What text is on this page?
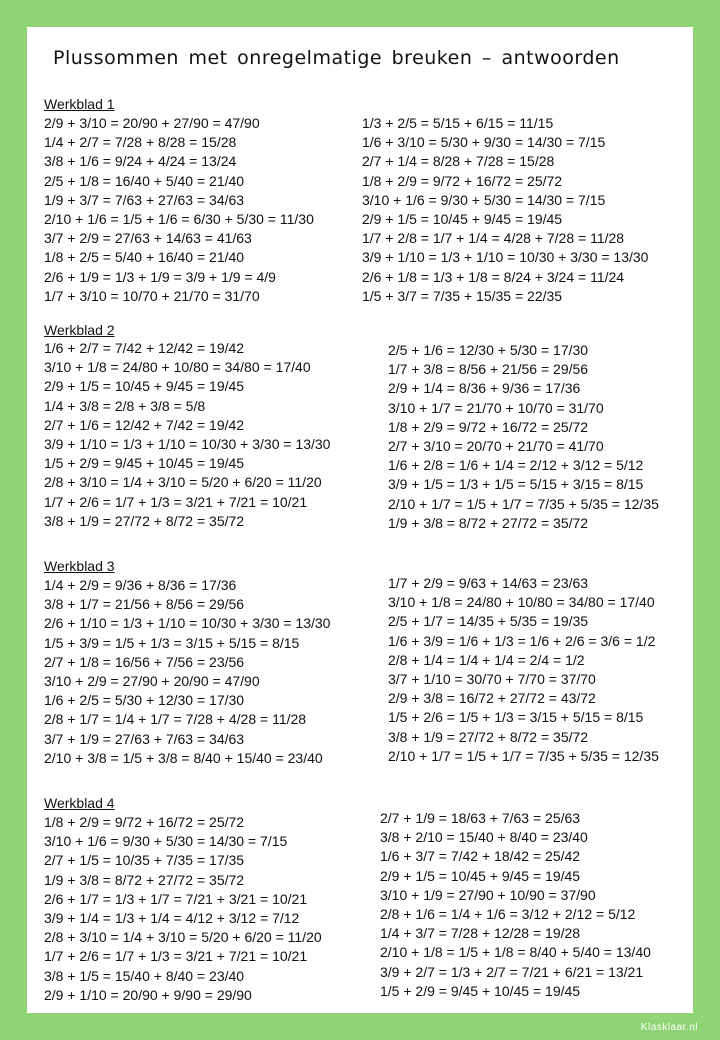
Plussommen met onregelmatige breuken – antwoorden
Werkblad 1
2/9 + 3/10 = 20/90 + 27/90 = 47/90
1/4 + 2/7 = 7/28 + 8/28 = 15/28
3/8 + 1/6 = 9/24 + 4/24 = 13/24
2/5 + 1/8 = 16/40 + 5/40 = 21/40
1/9 + 3/7 = 7/63 + 27/63 = 34/63
2/10 + 1/6 = 1/5 + 1/6 = 6/30 + 5/30 = 11/30
3/7 + 2/9 = 27/63 + 14/63 = 41/63
1/8 + 2/5 = 5/40 + 16/40 = 21/40
2/6 + 1/9 = 1/3 + 1/9 = 3/9 + 1/9 = 4/9
1/7 + 3/10 = 10/70 + 21/70 = 31/70
1/3 + 2/5 = 5/15 + 6/15 = 11/15
1/6 + 3/10 = 5/30 + 9/30 = 14/30 = 7/15
2/7 + 1/4 = 8/28 + 7/28 = 15/28
1/8 + 2/9 = 9/72 + 16/72 = 25/72
3/10 + 1/6 = 9/30 + 5/30 = 14/30 = 7/15
2/9 + 1/5 = 10/45 + 9/45 = 19/45
1/7 + 2/8 = 1/7 + 1/4 = 4/28 + 7/28 = 11/28
3/9 + 1/10 = 1/3 + 1/10 = 10/30 + 3/30 = 13/30
2/6 + 1/8 = 1/3 + 1/8 = 8/24 + 3/24 = 11/24
1/5 + 3/7 = 7/35 + 15/35 = 22/35
Werkblad 2
1/6 + 2/7 = 7/42 + 12/42 = 19/42
3/10 + 1/8 = 24/80 + 10/80 = 34/80 = 17/40
2/9 + 1/5 = 10/45 + 9/45 = 19/45
1/4 + 3/8 = 2/8 + 3/8 = 5/8
2/7 + 1/6 = 12/42 + 7/42 = 19/42
3/9 + 1/10 = 1/3 + 1/10 = 10/30 + 3/30 = 13/30
1/5 + 2/9 = 9/45 + 10/45 = 19/45
2/8 + 3/10 = 1/4 + 3/10 = 5/20 + 6/20 = 11/20
1/7 + 2/6 = 1/7 + 1/3 = 3/21 + 7/21 = 10/21
3/8 + 1/9 = 27/72 + 8/72 = 35/72
2/5 + 1/6 = 12/30 + 5/30 = 17/30
1/7 + 3/8 = 8/56 + 21/56 = 29/56
2/9 + 1/4 = 8/36 + 9/36 = 17/36
3/10 + 1/7 = 21/70 + 10/70 = 31/70
1/8 + 2/9 = 9/72 + 16/72 = 25/72
2/7 + 3/10 = 20/70 + 21/70 = 41/70
1/6 + 2/8 = 1/6 + 1/4 = 2/12 + 3/12 = 5/12
3/9 + 1/5 = 1/3 + 1/5 = 5/15 + 3/15 = 8/15
2/10 + 1/7 = 1/5 + 1/7 = 7/35 + 5/35 = 12/35
1/9 + 3/8 = 8/72 + 27/72 = 35/72
Werkblad 3
1/4 + 2/9 = 9/36 + 8/36 = 17/36
3/8 + 1/7 = 21/56 + 8/56 = 29/56
2/6 + 1/10 = 1/3 + 1/10 = 10/30 + 3/30 = 13/30
1/5 + 3/9 = 1/5 + 1/3 = 3/15 + 5/15 = 8/15
2/7 + 1/8 = 16/56 + 7/56 = 23/56
3/10 + 2/9 = 27/90 + 20/90 = 47/90
1/6 + 2/5 = 5/30 + 12/30 = 17/30
2/8 + 1/7 = 1/4 + 1/7 = 7/28 + 4/28 = 11/28
3/7 + 1/9 = 27/63 + 7/63 = 34/63
2/10 + 3/8 = 1/5 + 3/8 = 8/40 + 15/40 = 23/40
1/7 + 2/9 = 9/63 + 14/63 = 23/63
3/10 + 1/8 = 24/80 + 10/80 = 34/80 = 17/40
2/5 + 1/7 = 14/35 + 5/35 = 19/35
1/6 + 3/9 = 1/6 + 1/3 = 1/6 + 2/6 = 3/6 = 1/2
2/8 + 1/4 = 1/4 + 1/4 = 2/4 = 1/2
3/7 + 1/10 = 30/70 + 7/70 = 37/70
2/9 + 3/8 = 16/72 + 27/72 = 43/72
1/5 + 2/6 = 1/5 + 1/3 = 3/15 + 5/15 = 8/15
3/8 + 1/9 = 27/72 + 8/72 = 35/72
2/10 + 1/7 = 1/5 + 1/7 = 7/35 + 5/35 = 12/35
Werkblad 4
1/8 + 2/9 = 9/72 + 16/72 = 25/72
3/10 + 1/6 = 9/30 + 5/30 = 14/30 = 7/15
2/7 + 1/5 = 10/35 + 7/35 = 17/35
1/9 + 3/8 = 8/72 + 27/72 = 35/72
2/6 + 1/7 = 1/3 + 1/7 = 7/21 + 3/21 = 10/21
3/9 + 1/4 = 1/3 + 1/4 = 4/12 + 3/12 = 7/12
2/8 + 3/10 = 1/4 + 3/10 = 5/20 + 6/20 = 11/20
1/7 + 2/6 = 1/7 + 1/3 = 3/21 + 7/21 = 10/21
3/8 + 1/5 = 15/40 + 8/40 = 23/40
2/9 + 1/10 = 20/90 + 9/90 = 29/90
2/7 + 1/9 = 18/63 + 7/63 = 25/63
3/8 + 2/10 = 15/40 + 8/40 = 23/40
1/6 + 3/7 = 7/42 + 18/42 = 25/42
2/9 + 1/5 = 10/45 + 9/45 = 19/45
3/10 + 1/9 = 27/90 + 10/90 = 37/90
2/8 + 1/6 = 1/4 + 1/6 = 3/12 + 2/12 = 5/12
1/4 + 3/7 = 7/28 + 12/28 = 19/28
2/10 + 1/8 = 1/5 + 1/8 = 8/40 + 5/40 = 13/40
3/9 + 2/7 = 1/3 + 2/7 = 7/21 + 6/21 = 13/21
1/5 + 2/9 = 9/45 + 10/45 = 19/45
Klasklaar.nl
